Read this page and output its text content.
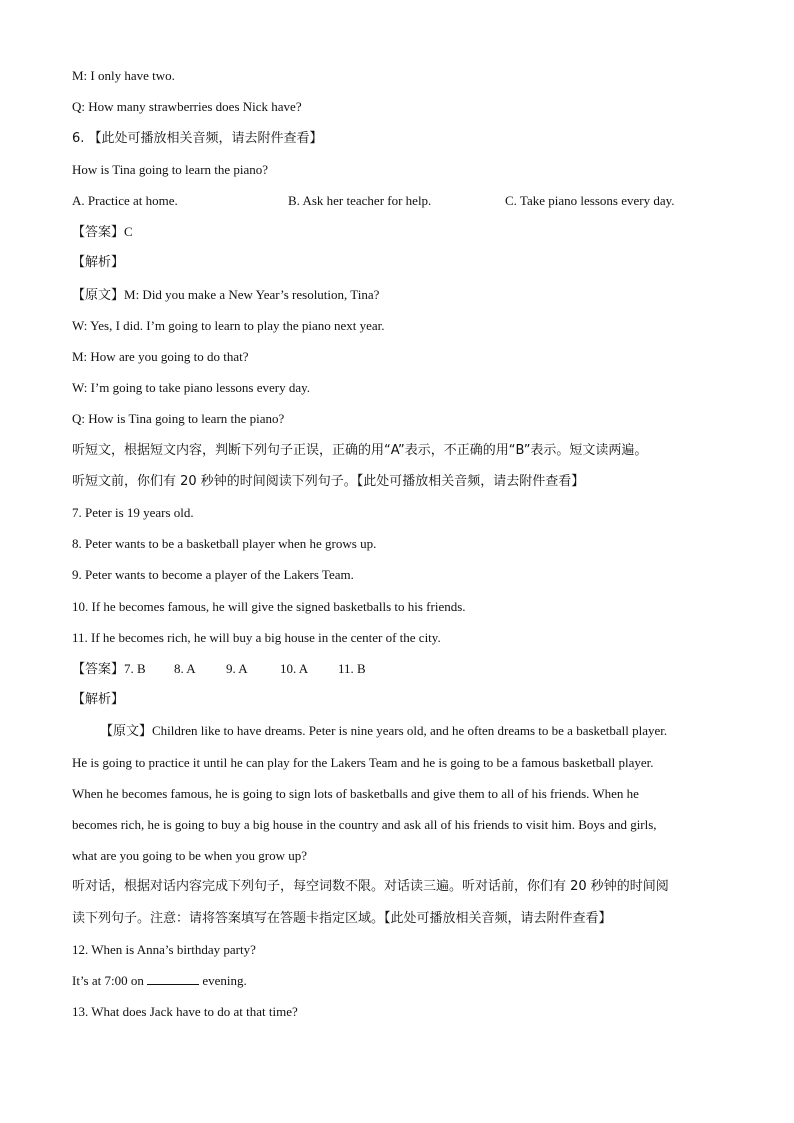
M: I only have two.
Q: How many strawberries does Nick have?
6. 【此处可播放相关音频，请去附件查看】
How is Tina going to learn the piano?
A. Practice at home.	B. Ask her teacher for help.	C. Take piano lessons every day.
【答案】C
【解析】
【原文】M: Did you make a New Year’s resolution, Tina?
W: Yes, I did. I’m going to learn to play the piano next year.
M: How are you going to do that?
W: I’m going to take piano lessons every day.
Q: How is Tina going to learn the piano?
听短文，根据短文内容，判断下列句子正误，正确的用“A”表示，不正确的用“B”表示。短文读两遍。
听短文前，你们有 20 秒钟的时间阅读下列句子。【此处可播放相关音频，请去附件查看】
7. Peter is 19 years old.
8. Peter wants to be a basketball player when he grows up.
9. Peter wants to become a player of the Lakers Team.
10. If he becomes famous, he will give the signed basketballs to his friends.
11. If he becomes rich, he will buy a big house in the center of the city.
【答案】7. B 8. A 9. A 10. A 11. B
【解析】
【原文】Children like to have dreams. Peter is nine years old, and he often dreams to be a basketball player.
He is going to practice it until he can play for the Lakers Team and he is going to be a famous basketball player.
When he becomes famous, he is going to sign lots of basketballs and give them to all of his friends. When he
becomes rich, he is going to buy a big house in the country and ask all of his friends to visit him. Boys and girls,
what are you going to be when you grow up?
听对话，根据对话内容完成下列句子，每空词数不限。对话读三遍。听对话前，你们有 20 秒钟的时间阅
读下列句子。注意：请将答案填写在答题卡指定区域。【此处可播放相关音频，请去附件查看】
12. When is Anna’s birthday party?
It’s at 7:00 on	evening.
13. What does Jack have to do at that time?
